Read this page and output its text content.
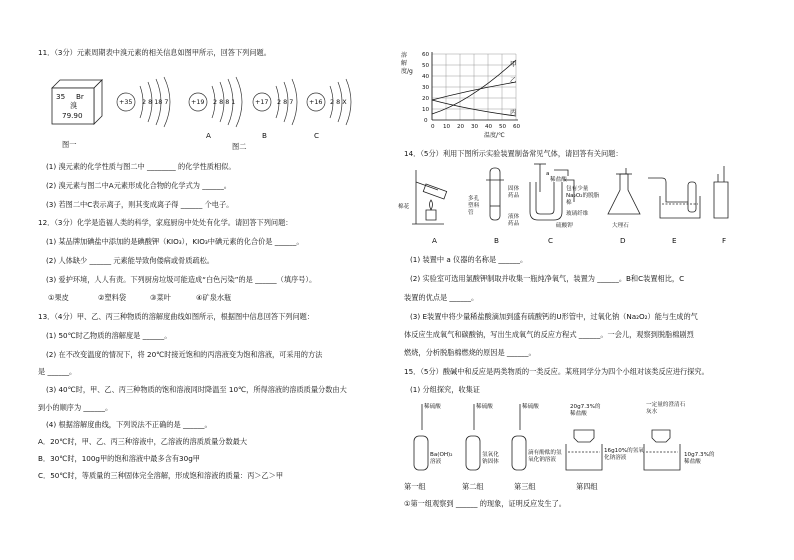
11．（3分）元素周期表中溴元素的相关信息如图甲所示，回答下列问题。
35 Br
溴
79.90
图一
+35 2 8 18 7	+19 2 8 8 1	+17 2 8 7 +16 2 8 X
A	B	C
图二
(1) 溴元素的化学性质与图二中 ________ 的化学性质相似。
(2) 溴元素与图二中A元素形成化合物的化学式为 ______。
(3) 若图二中C表示离子，则其变成离子得 ______ 个电子。
12．（3分）化学是造福人类的科学，家庭厨房中处处有化学。请回答下列问题：
(1) 某品牌加碘盐中添加的是碘酸钾（KIO₃），KIO₃中碘元素的化合价是 ______。
(2) 人体缺少 ______ 元素能导致佝偻病或骨质疏松。
(3) 爱护环境，人人有责。下列厨房垃圾可能造成“白色污染”的是 ______（填序号）。
①果皮	②塑料袋	③菜叶	④矿泉水瓶
13．（4分）甲、乙、丙三种物质的溶解度曲线如图所示，根据图中信息回答下列问题：
(1) 50℃时乙物质的溶解度是 ______。
(2) 在不改变温度的情况下，将 20℃时接近饱和的丙溶液变为饱和溶液，可采用的方法
是 ______。
(3) 40℃时，甲、乙、丙三种物质的饱和溶液同时降温至 10℃，所得溶液的溶质质量分数由大
到小的顺序为 ______。
(4) 根据溶解度曲线，下列说法不正确的是 ______。
A．20℃时，甲、乙、丙三种溶液中，乙溶液的溶质质量分数最大
B．30℃时，100g甲的饱和溶液中最多含有30g甲
C．50℃时，等质量的三种固体完全溶解，形成饱和溶液的质量：丙＞乙＞甲
溶解度/g
60
50
40
30
20
10
0
0 10 20 30 40 50 60
温度/℃
甲
乙
丙
14．（5分）利用下图所示实验装置制备常见气体，请回答有关问题：
棉花
多孔塑料管
固体药品
液体药品
a
稀盐酸
包有少量Na₂O₂的脱脂棉
玻璃纤维
硫酸钾	大理石
A	B	C	D	E	F
(1) 装置中 a 仪器的名称是 ______。
(2) 实验室可选用氯酸钾制取并收集一瓶纯净氧气，装置为 ______。B和C装置相比，C
装置的优点是 ______。
(3) E装置中将少量稀盐酸滴加到盛有硫酸钙的U形管中，过氧化钠（Na₂O₂）能与生成的气
体反应生成氧气和碳酸钠，写出生成氧气的反应方程式 ______。一会儿，观察到脱脂棉剧烈
燃烧，分析脱脂棉燃烧的原因是 ______。
15．（5分）酸碱中和反应是两类物质的一类反应。某班同学分为四个小组对该类反应进行探究。
(1) 分组探究，收集证
稀硫酸	稀硫酸	稀硫酸	20g7.3%的稀盐酸
一定量的澄清石灰水
Ba(OH)₂溶液
氢氧化钠固体
滴有酚酞的氢氧化钠溶液
16g10%的氢氧化钠溶液	10g7.3%的稀盐酸
第一组	第二组	第三组	第四组
①第一组观察到 ______ 的现象，证明反应发生了。
